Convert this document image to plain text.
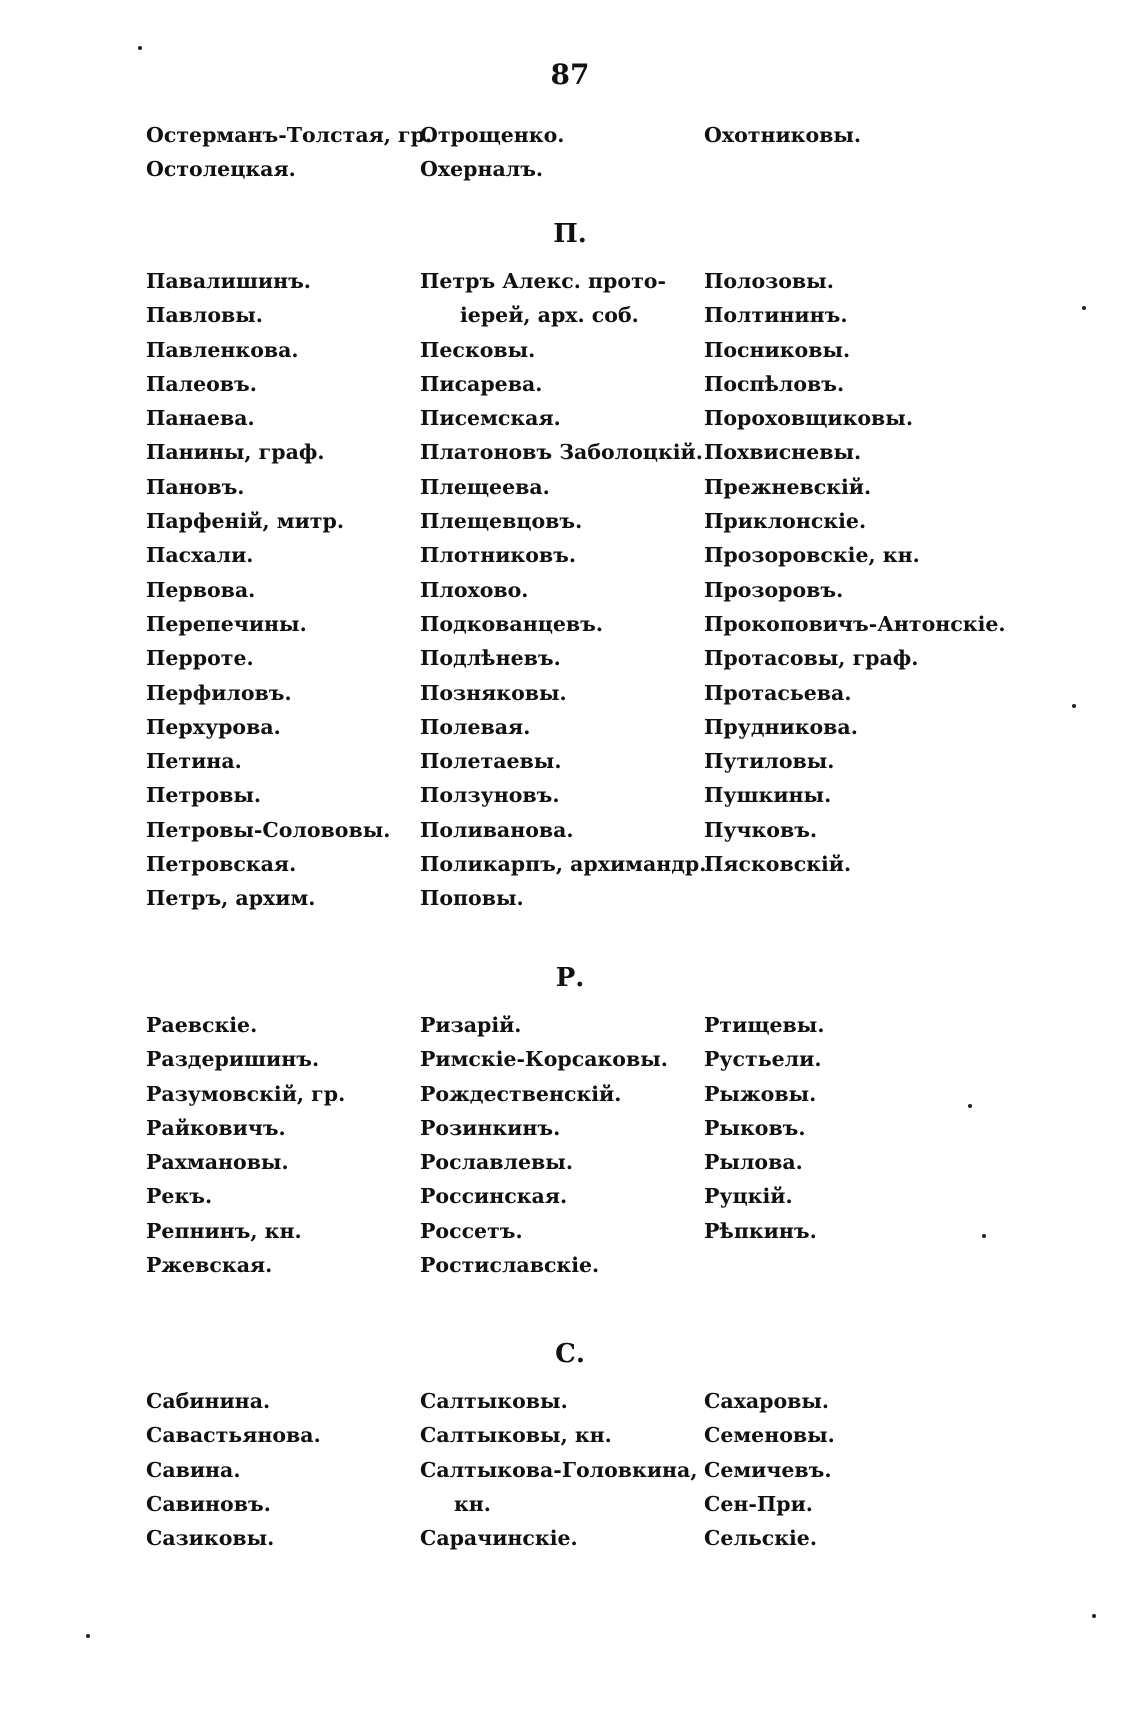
87
Остерманъ-Толстая, гр.
Остолецкая.
Отрощенко.
Охерналъ.
Охотниковы.
П.
Павалишинъ.
Павловы.
Павленкова.
Палеовъ.
Панаева.
Панины, граф.
Пановъ.
Парфеній, митр.
Пасхали.
Первова.
Перепечины.
Перроте.
Перфиловъ.
Перхурова.
Петина.
Петровы.
Петровы-Солововы.
Петровская.
Петръ, архим.
Петръ Алекс. прото-
іерей, арх. соб.
Песковы.
Писарева.
Писемская.
Платоновъ Заболоцкій.
Плещеева.
Плещевцовъ.
Плотниковъ.
Плохово.
Подкованцевъ.
Подлѣневъ.
Позняковы.
Полевая.
Полетаевы.
Ползуновъ.
Поливанова.
Поликарпъ, архимандр.
Поповы.
Полозовы.
Полтининъ.
Посниковы.
Поспѣловъ.
Пороховщиковы.
Похвисневы.
Прежневскій.
Приклонскіе.
Прозоровскіе, кн.
Прозоровъ.
Прокоповичъ-Антонскіе.
Протасовы, граф.
Протасьева.
Прудникова.
Путиловы.
Пушкины.
Пучковъ.
Пясковскій.
Р.
Раевскіе.
Раздеришинъ.
Разумовскій, гр.
Райковичъ.
Рахмановы.
Рекъ.
Репнинъ, кн.
Ржевская.
Ризарій.
Римскіе-Корсаковы.
Рождественскій.
Розинкинъ.
Рославлевы.
Россинская.
Россетъ.
Ростиславскіе.
Ртищевы.
Рустьели.
Рыжовы.
Рыковъ.
Рылова.
Руцкій.
Рѣпкинъ.
С.
Сабинина.
Савастьянова.
Савина.
Савиновъ.
Сазиковы.
Салтыковы.
Салтыковы, кн.
Салтыкова-Головкина,
кн.
Сарачинскіе.
Сахаровы.
Семеновы.
Семичевъ.
Сен-При.
Сельскіе.
